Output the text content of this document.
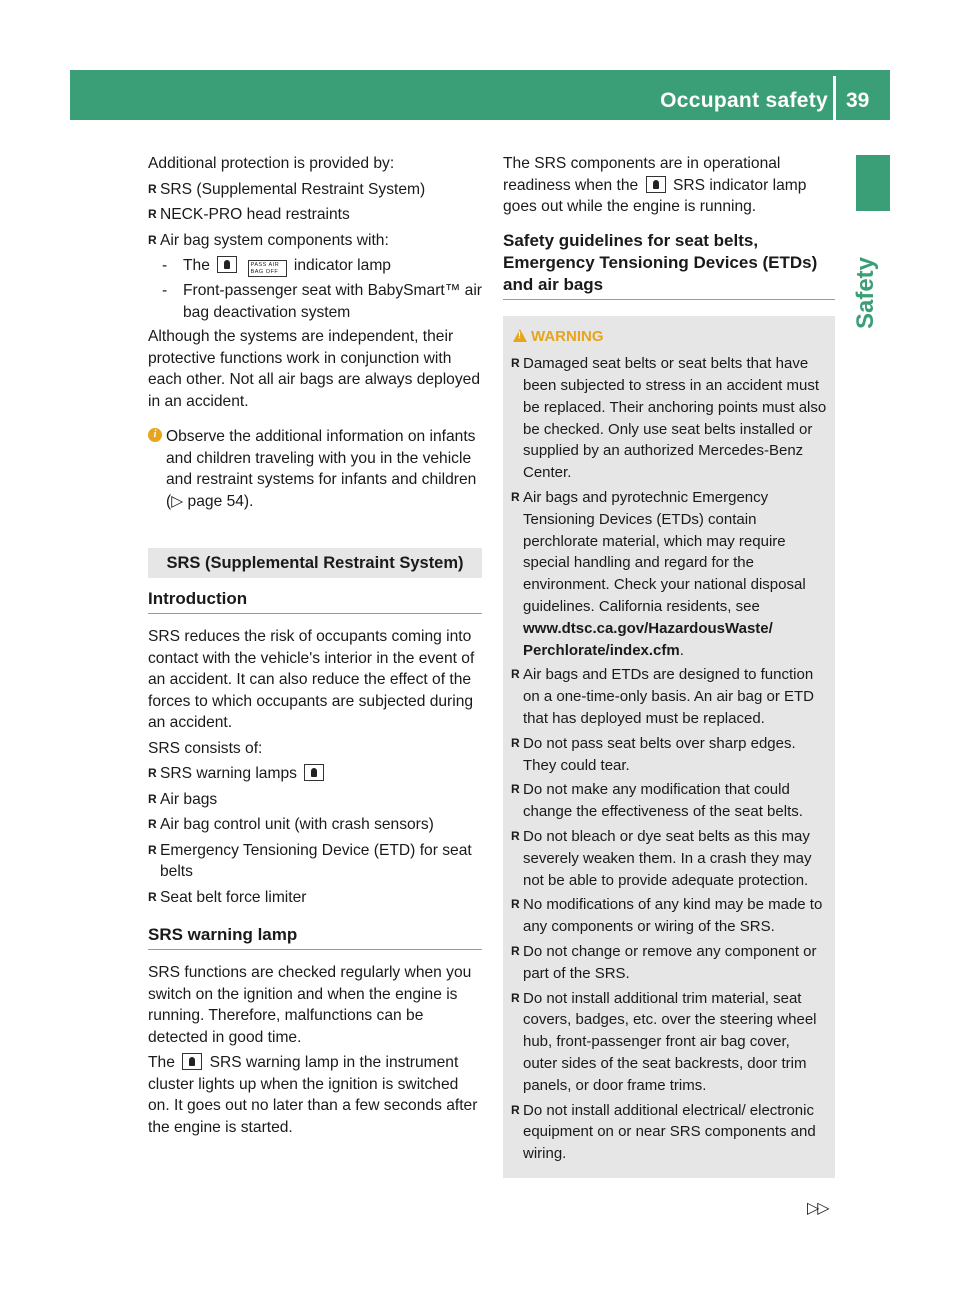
Occupant safety 39
Safety

Additional protection is provided by:

R SRS (Supplemental Restraint System)
R NECK-PRO head restraints
R Air bag system components with:
- The	PASS AIR BAG OFF indicator lamp
- Front-passenger seat with BabySmart™ air bag deactivation system

Although the systems are independent, their protective functions work in conjunction with each other. Not all air bags are always deployed in an accident.

i Observe the additional information on infants and children traveling with you in the vehicle and restraint systems for infants and children (▷ page 54).
SRS (Supplemental Restraint System)
Introduction

SRS reduces the risk of occupants coming into contact with the vehicle's interior in the event of an accident. It can also reduce the effect of the forces to which occupants are subjected during an accident.

SRS consists of:

R SRS warning lamps
R Air bags
R Air bag control unit (with crash sensors)
R Emergency Tensioning Device (ETD) for seat belts
R Seat belt force limiter
SRS warning lamp

SRS functions are checked regularly when you switch on the ignition and when the engine is running. Therefore, malfunctions can be detected in good time.

The SRS warning lamp in the instrument cluster lights up when the ignition is switched on. It goes out no later than a few seconds after the engine is started.

The SRS components are in operational readiness when the SRS indicator lamp goes out while the engine is running.

Safety guidelines for seat belts, Emergency Tensioning Devices (ETDs) and air bags
!
WARNING
R Damaged seat belts or seat belts that have been subjected to stress in an accident must be replaced. Their anchoring points must also be checked. Only use seat belts installed or supplied by an authorized Mercedes-Benz Center.
R Air bags and pyrotechnic Emergency Tensioning Devices (ETDs) contain perchlorate material, which may require special handling and regard for the environment. Check your national disposal guidelines. California residents, see www.dtsc.ca.gov/HazardousWaste/ Perchlorate/index.cfm.
R Air bags and ETDs are designed to function on a one-time-only basis. An air bag or ETD that has deployed must be replaced.
R Do not pass seat belts over sharp edges. They could tear.
R Do not make any modification that could change the effectiveness of the seat belts.
R Do not bleach or dye seat belts as this may severely weaken them. In a crash they may not be able to provide adequate protection.
R No modifications of any kind may be made to any components or wiring of the SRS.
R Do not change or remove any component or part of the SRS.
R Do not install additional trim material, seat covers, badges, etc. over the steering wheel hub, front-passenger front air bag cover, outer sides of the seat backrests, door trim panels, or door frame trims.
R Do not install additional electrical/ electronic equipment on or near SRS components and wiring.
▷▷
